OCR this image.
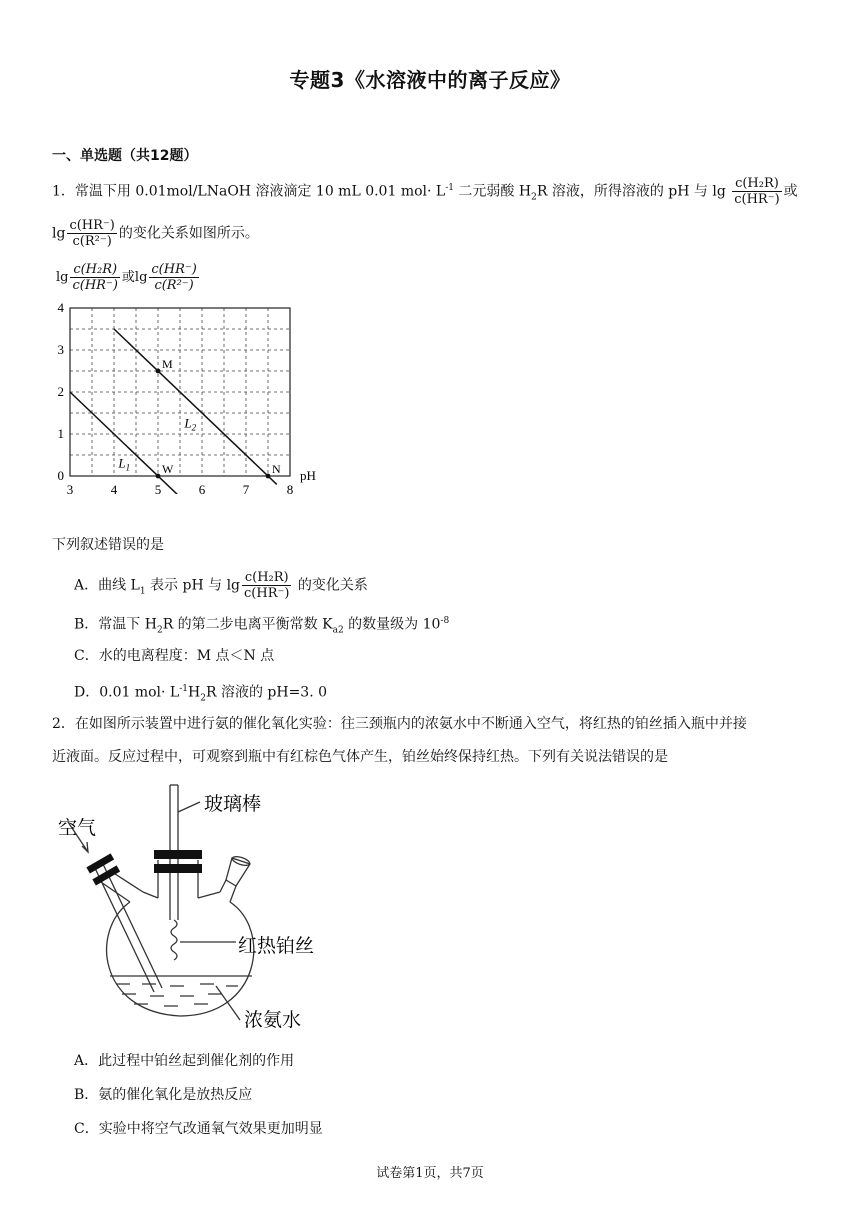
专题3《水溶液中的离子反应》
一、单选题（共12题）
1．常温下用 0.01mol/LNaOH 溶液滴定 10 mL 0.01 $mol\cdot L^{-1}$ 二元弱酸 $H_2R$ 溶液，所得溶液的 pH 与 $\lg \frac{\text{c(H₂R)}}{c(HR^-)}$ 或
$\lg \frac{c(HR^-)}{\text{c(R²⁻)}}$ 的变化关系如图所示。
$\lg \frac{\text{c(H₂R)}}{c(HR^-)}$ 或$\lg \frac{c(HR^-)}{\text{c(R²⁻)}}$
3	4	5	6	7	8
0
1
2
3
4
pH
$L_1$
$L_2$
M
W	N
下列叙述错误的是
A．曲线 $L_1$ 表示 pH 与 $\lg \frac{\text{c(H₂R)}}{c(HR^-)}$ 的变化关系
B．常温下 $H_2R$ 的第二步电离平衡常数 $K_{a2}$ 的数量级为 $10^{-8}$
C．水的电离程度：M 点＜N 点
D．0.01 $mol\cdot L^{-1}H_2R$ 溶液的 pH=3. 0
2．在如图所示装置中进行氨的催化氧化实验：往三颈瓶内的浓氨水中不断通入空气，将红热的铂丝插入瓶中并接
近液面。反应过程中，可观察到瓶中有红棕色气体产生，铂丝始终保持红热。下列有关说法错误的是
空气
玻璃棒
红热铂丝
浓氨水
A．此过程中铂丝起到催化剂的作用
B．氨的催化氧化是放热反应
C．实验中将空气改通氧气效果更加明显
试卷第1页，共7页
